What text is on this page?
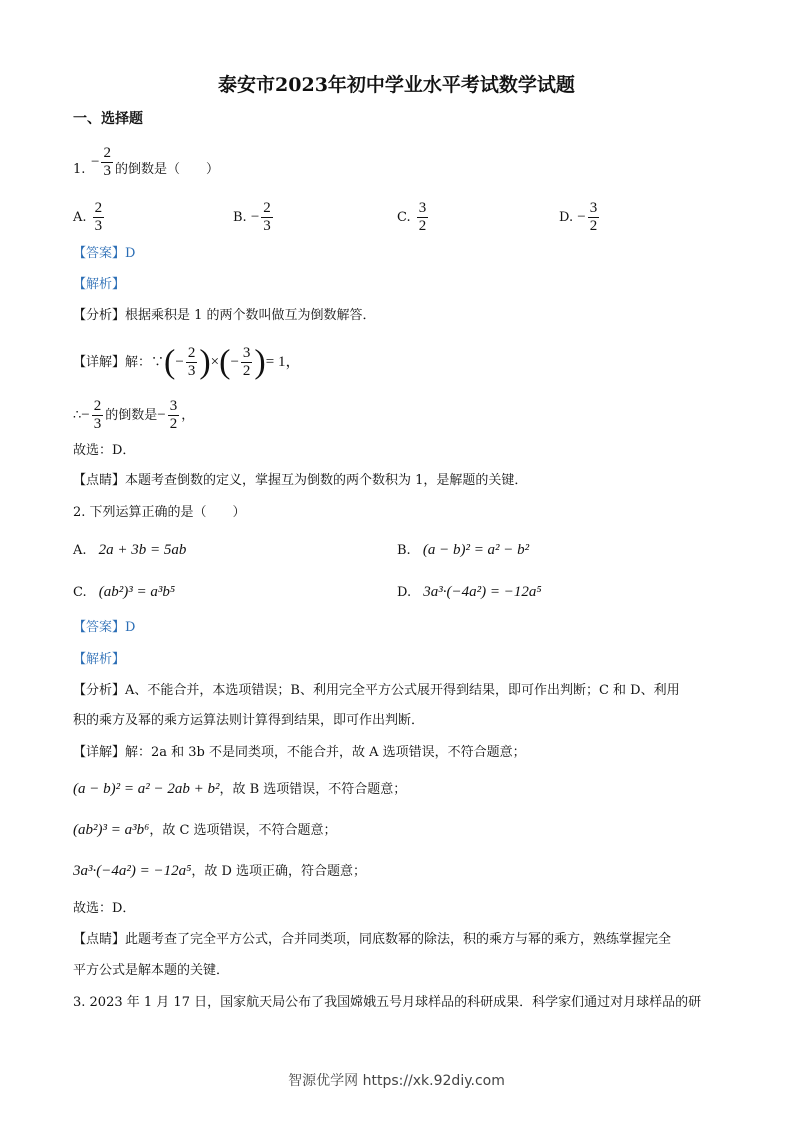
泰安市2023年初中学业水平考试数学试题
一、选择题
1. − $\frac{2}{3}$ 的倒数是（　　）
A. $\frac{2}{3}$	B. − $\frac{2}{3}$	C. $\frac{3}{2}$	D. − $\frac{3}{2}$
【答案】D
【解析】
【分析】根据乘积是 1 的两个数叫做互为倒数解答．
【详解】解：∵(− $\frac{2}{3}$ )×(− $\frac{3}{2}$ )= 1，
∴− $\frac{2}{3}$ 的倒数是− $\frac{3}{2}$ ，
故选：D．
【点睛】本题考查倒数的定义，掌握互为倒数的两个数积为 1，是解题的关键．
2. 下列运算正确的是（　　）
A. 2a + 3b = 5ab	B. (a − b)² = a² − b²
C. (ab²)³ = a³b⁵	D. 3a³·(−4a²) = −12a⁵
【答案】D
【解析】
【分析】A、不能合并，本选项错误；B、利用完全平方公式展开得到结果，即可作出判断；C 和 D、利用
积的乘方及幂的乘方运算法则计算得到结果，即可作出判断．
【详解】解：2a 和 3b 不是同类项，不能合并，故 A 选项错误，不符合题意；
(a − b)² = a² − 2ab + b²，故 B 选项错误，不符合题意；
(ab²)³ = a³b⁶，故 C 选项错误，不符合题意；
3a³·(−4a²) = −12a⁵，故 D 选项正确，符合题意；
故选：D．
【点睛】此题考查了完全平方公式，合并同类项，同底数幂的除法，积的乘方与幂的乘方，熟练掌握完全
平方公式是解本题的关键．
3. 2023 年 1 月 17 日，国家航天局公布了我国嫦娥五号月球样品的科研成果．科学家们通过对月球样品的研
智源优学网 https://xk.92diy.com
